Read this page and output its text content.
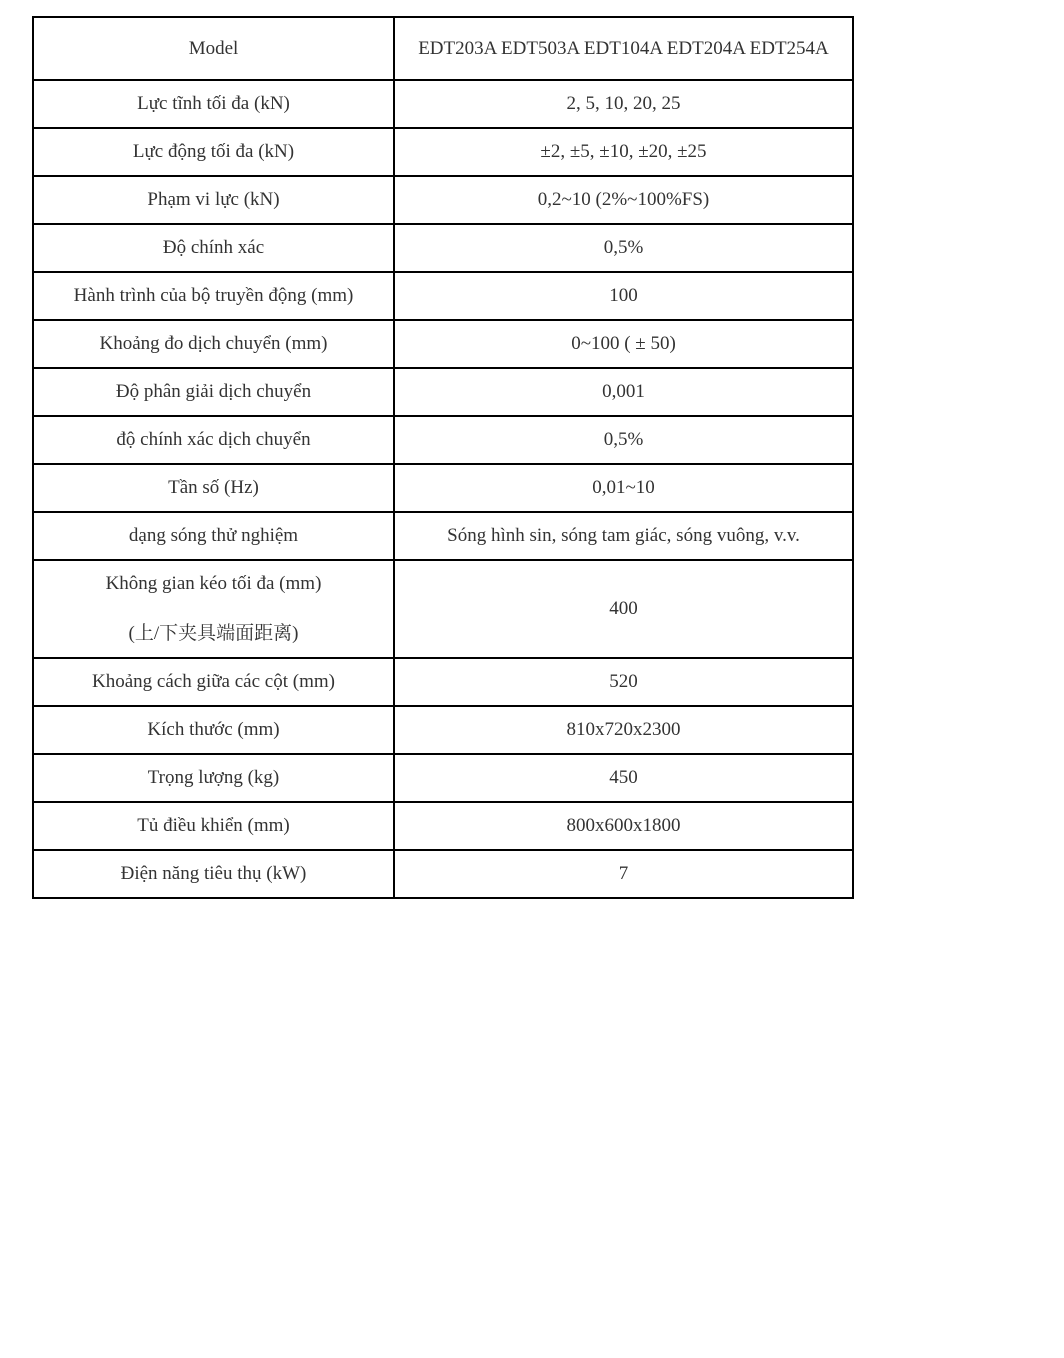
Model	EDT203A EDT503A EDT104A EDT204A EDT254A
Lực tĩnh tối đa (kN)	2, 5, 10, 20, 25
Lực động tối đa (kN)	±2, ±5, ±10, ±20, ±25
Phạm vi lực (kN)	0,2~10 (2%~100%FS)
Độ chính xác	0,5%
Hành trình của bộ truyền động (mm)	100
Khoảng đo dịch chuyển (mm)	0~100 ( ± 50)
Độ phân giải dịch chuyển	0,001
độ chính xác dịch chuyển	0,5%
Tần số (Hz)	0,01~10
dạng sóng thử nghiệm	Sóng hình sin, sóng tam giác, sóng vuông, v.v.
Không gian kéo tối đa (mm)
(上/下夹具端面距离)	400
Khoảng cách giữa các cột (mm)	520
Kích thước (mm)	810x720x2300
Trọng lượng (kg)	450
Tủ điều khiển (mm)	800x600x1800
Điện năng tiêu thụ (kW)	7
